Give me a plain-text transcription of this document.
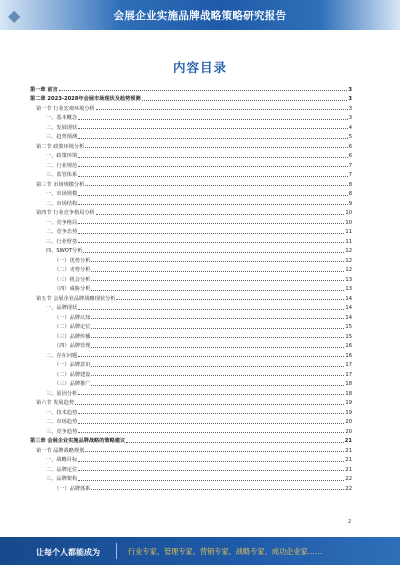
◆	会展企业实施品牌战略策略研究报告
内容目录
第一章 前言	3
第二章 2023-2028年会展市场现状及趋势预测	3
第一节 行业宏观环境分析	3
一、基本概念	3
二、发展现状	4
三、趋势预测	5
第二节 政策环境分析	6
一、政策环境	6
二、行业规范	7
三、监管体系	7
第三节 市场规模分析	8
一、市场规模	8
二、市场结构	9
第四节 行业竞争格局分析	10
一、竞争格局	10
二、竞争态势	11
三、行业壁垒	11
四、SWOT分析	12
（一）优势分析	12
（二）劣势分析	12
（三）机会分析	13
（四）威胁分析	13
第五节 会展企业品牌战略现状分析	14
一、品牌现状	14
（一）品牌认知	14
（二）品牌定位	15
（三）品牌传播	15
（四）品牌管理	16
二、存在问题	16
（一）品牌意识	17
（二）品牌建设	17
（三）品牌推广	18
三、原因分析	18
第六节 发展趋势	19
一、技术趋势	19
二、市场趋势	20
三、竞争趋势	20
第三章 会展企业实施品牌战略的策略建议	21
第一节 品牌战略规划	21
一、战略目标	21
二、品牌定位	21
三、品牌架构	22
（一）品牌体系	22
2
让每个人都能成为	行业专家、管理专家、营销专家、战略专家、成功企业家……
